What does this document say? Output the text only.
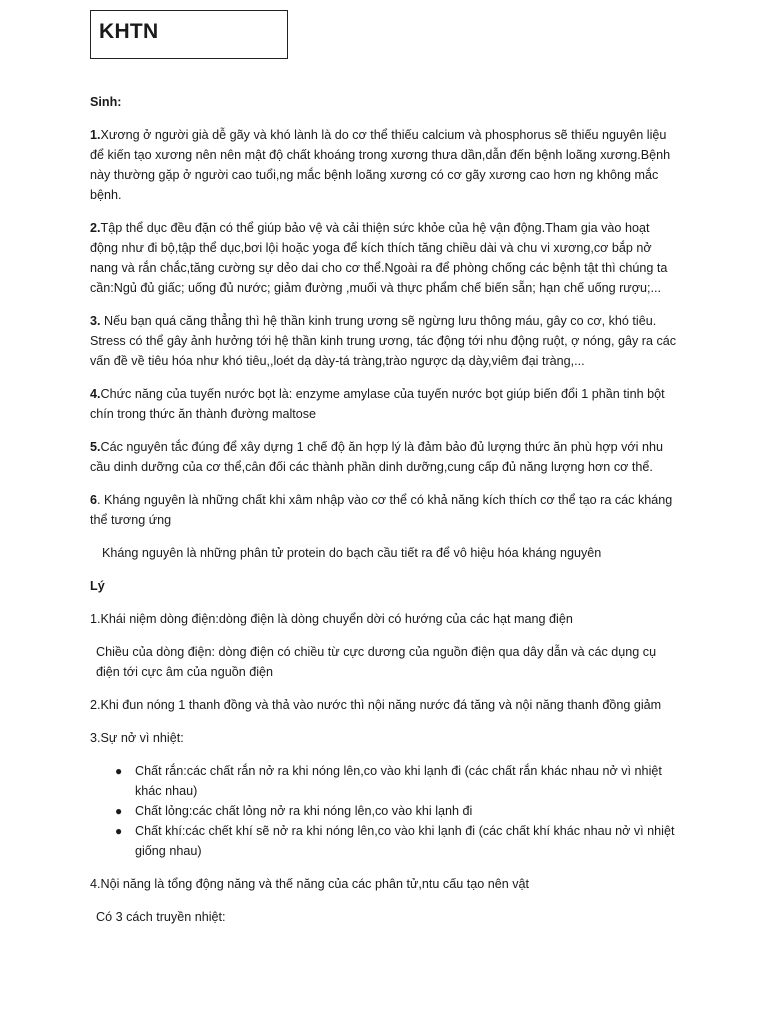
KHTN

Sinh:

1.Xương ở người già dễ gãy và khó lành là do cơ thể thiếu calcium và phosphorus sẽ thiếu nguyên liệu để kiến tạo xương nên nên mật độ chất khoáng trong xương thưa dần,dẫn đến bệnh loãng xương.Bệnh này thường gặp ở người cao tuổi,ng mắc bệnh loãng xương có cơ gãy xương cao hơn ng không mắc bệnh.

2.Tập thể dục đều đặn có thể giúp bảo vệ và cải thiện sức khỏe của hệ vận động.Tham gia vào hoạt động như đi bộ,tập thể dục,bơi lội hoặc yoga để kích thích tăng chiều dài và chu vi xương,cơ bắp nở nang và rắn chắc,tăng cường sự dẻo dai cho cơ thể.Ngoài ra để phòng chống các bệnh tật thì chúng ta cần:Ngủ đủ giấc; uống đủ nước; giảm đường ,muối và thực phẩm chế biến sẵn; hạn chế uống rượu;...

3. Nếu bạn quá căng thẳng thì hệ thần kinh trung ương sẽ ngừng lưu thông máu, gây co cơ, khó tiêu. Stress có thể gây ảnh hưởng tới hệ thần kinh trung ương, tác động tới nhu động ruột, ợ nóng, gây ra các vấn đề về tiêu hóa như khó tiêu,,loét dạ dày-tá tràng,trào ngược dạ dày,viêm đại tràng,...

4.Chức năng của tuyến nước bọt là: enzyme amylase của tuyến nước bọt giúp biến đổi 1 phần tinh bột chín trong thức ăn thành đường maltose

5.Các nguyên tắc đúng để xây dựng 1 chế độ ăn hợp lý là đảm bảo đủ lượng thức ăn phù hợp với nhu cầu dinh dưỡng của cơ thể,cân đối các thành phần dinh dưỡng,cung cấp đủ năng lượng hơn cơ thể.

6. Kháng nguyên là những chất khi xâm nhập vào cơ thể có khả năng kích thích cơ thể tạo ra các kháng thể tương ứng

Kháng nguyên là những phân tử protein do bạch cầu tiết ra để vô hiệu hóa kháng nguyên

Lý

1.Khái niệm dòng điện:dòng điện là dòng chuyển dời có hướng của các hạt mang điện

Chiều của dòng điện: dòng điện có chiều từ cực dương của nguồn điện qua dây dẫn và các dụng cụ điện tới cực âm của nguồn điện

2.Khi đun nóng 1 thanh đồng và thả vào nước thì nội năng nước đá tăng và nội năng thanh đồng giảm

3.Sự nở vì nhiệt:

● Chất rắn:các chất rắn nở ra khi nóng lên,co vào khi lạnh đi (các chất rắn khác nhau nở vì nhiệt khác nhau)
● Chất lỏng:các chất lỏng nở ra khi nóng lên,co vào khi lạnh đi
● Chất khí:các chết khí sẽ nở ra khi nóng lên,co vào khi lạnh đi (các chất khí khác nhau nở vì nhiệt giống nhau)

4.Nội năng là tổng động năng và thế năng của các phân tử,ntu cấu tạo nên vật

Có 3 cách truyền nhiệt:
